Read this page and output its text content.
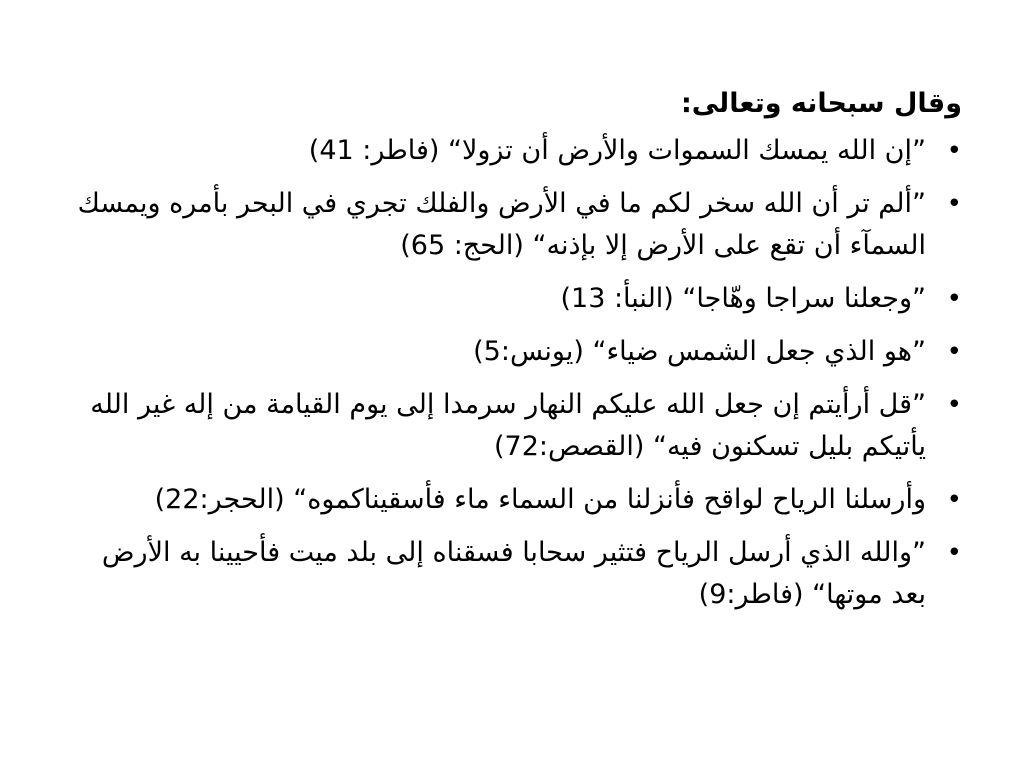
وقال سبحانه وتعالى:
• ”إن الله يمسك السموات والأرض أن تزولا“ (فاطر: 41)
• ”ألم تر أن الله سخر لكم ما في الأرض والفلك تجري في البحر بأمره ويمسك السمآء أن تقع على الأرض إلا بإذنه“ (الحج: 65)
• ”وجعلنا سراجا وهّاجا“ (النبأ: 13)
• ”هو الذي جعل الشمس ضياء“ (يونس:5)
• ”قل أرأيتم إن جعل الله عليكم النهار سرمدا إلى يوم القيامة من إله غير الله يأتيكم بليل تسكنون فيه“ (القصص:72)
• وأرسلنا الرياح لواقح فأنزلنا من السماء ماء فأسقيناكموه“ (الحجر:22)
• ”والله الذي أرسل الرياح فتثير سحابا فسقناه إلى بلد ميت فأحيينا به الأرض بعد موتها“ (فاطر:9)
